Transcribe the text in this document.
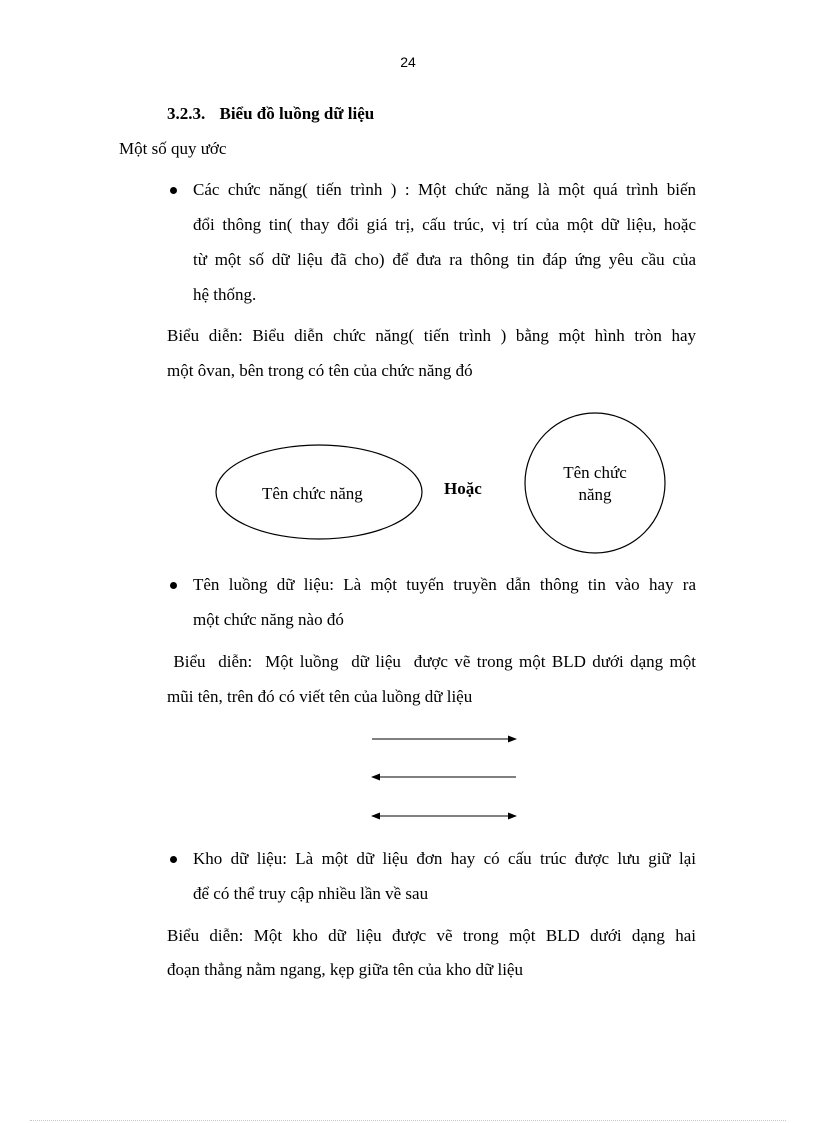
24
3.2.3. Biểu đồ luồng dữ liệu
Một số quy ước
Các chức năng( tiến trình ) : Một chức năng là một quá trình biến
đổi thông tin( thay đổi giá trị, cấu trúc, vị trí của một dữ liệu, hoặc
từ một số dữ liệu đã cho) để đưa ra thông tin đáp ứng yêu cầu của
hệ thống.
Biểu diễn: Biểu diễn chức năng( tiến trình ) bằng một hình tròn hay
một ôvan, bên trong có tên của chức năng đó
Tên chức năng	Hoặc
Tên chức
năng
Tên luồng dữ liệu: Là một tuyến truyền dẫn thông tin vào hay ra
một chức năng nào đó
Biểu  diễn:  Một luồng  dữ liệu  được vẽ trong một BLD dưới dạng một
mũi tên, trên đó có viết tên của luồng dữ liệu
Kho dữ liệu: Là một dữ liệu đơn hay có cấu trúc được lưu giữ lại
để có thể truy cập nhiều lần về sau
Biểu diễn: Một kho dữ liệu được vẽ trong một BLD dưới dạng hai
đoạn thẳng nằm ngang, kẹp giữa tên của kho dữ liệu
